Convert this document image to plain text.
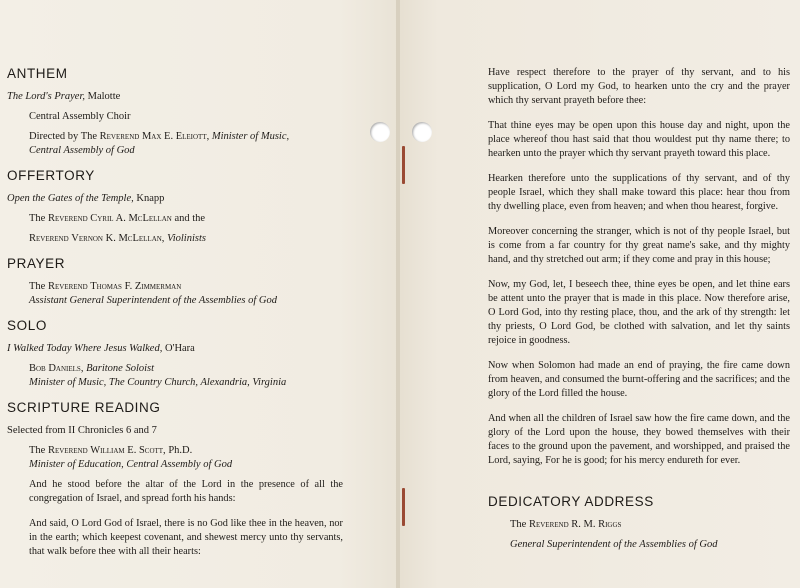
ANTHEM

The Lord's Prayer, Malotte

Central Assembly Choir

Directed by The Reverend Max E. Eleiott, Minister of Music,
Central Assembly of God

OFFERTORY

Open the Gates of the Temple, Knapp

The Reverend Cyril A. McLellan and the

Reverend Vernon K. McLellan, Violinists

PRAYER

The Reverend Thomas F. Zimmerman
Assistant General Superintendent of the Assemblies of God

SOLO

I Walked Today Where Jesus Walked, O'Hara

Bob Daniels, Baritone Soloist
Minister of Music, The Country Church, Alexandria, Virginia

SCRIPTURE READING

Selected from II Chronicles 6 and 7

The Reverend William E. Scott, Ph.D.
Minister of Education, Central Assembly of God

And he stood before the altar of the Lord in the presence of all the congregation of Israel, and spread forth his hands:

And said, O Lord God of Israel, there is no God like thee in the heaven, nor in the earth; which keepest covenant, and shewest mercy unto thy servants, that walk before thee with all their hearts:

Have respect therefore to the prayer of thy servant, and to his supplication, O Lord my God, to hearken unto the cry and the prayer which thy servant prayeth before thee:

That thine eyes may be open upon this house day and night, upon the place whereof thou hast said that thou wouldest put thy name there; to hearken unto the prayer which thy servant prayeth toward this place.

Hearken therefore unto the supplications of thy servant, and of thy people Israel, which they shall make toward this place: hear thou from thy dwelling place, even from heaven; and when thou hearest, forgive.

Moreover concerning the stranger, which is not of thy people Israel, but is come from a far country for thy great name's sake, and thy mighty hand, and thy stretched out arm; if they come and pray in this house;

Now, my God, let, I beseech thee, thine eyes be open, and let thine ears be attent unto the prayer that is made in this place. Now therefore arise, O Lord God, into thy resting place, thou, and the ark of thy strength: let thy priests, O Lord God, be clothed with salvation, and let thy saints rejoice in goodness.

Now when Solomon had made an end of praying, the fire came down from heaven, and consumed the burnt-offering and the sacrifices; and the glory of the Lord filled the house.

And when all the children of Israel saw how the fire came down, and the glory of the Lord upon the house, they bowed themselves with their faces to the ground upon the pavement, and worshipped, and praised the Lord, saying, For he is good; for his mercy endureth for ever.

DEDICATORY ADDRESS

The Reverend R. M. Riggs

General Superintendent of the Assemblies of God
